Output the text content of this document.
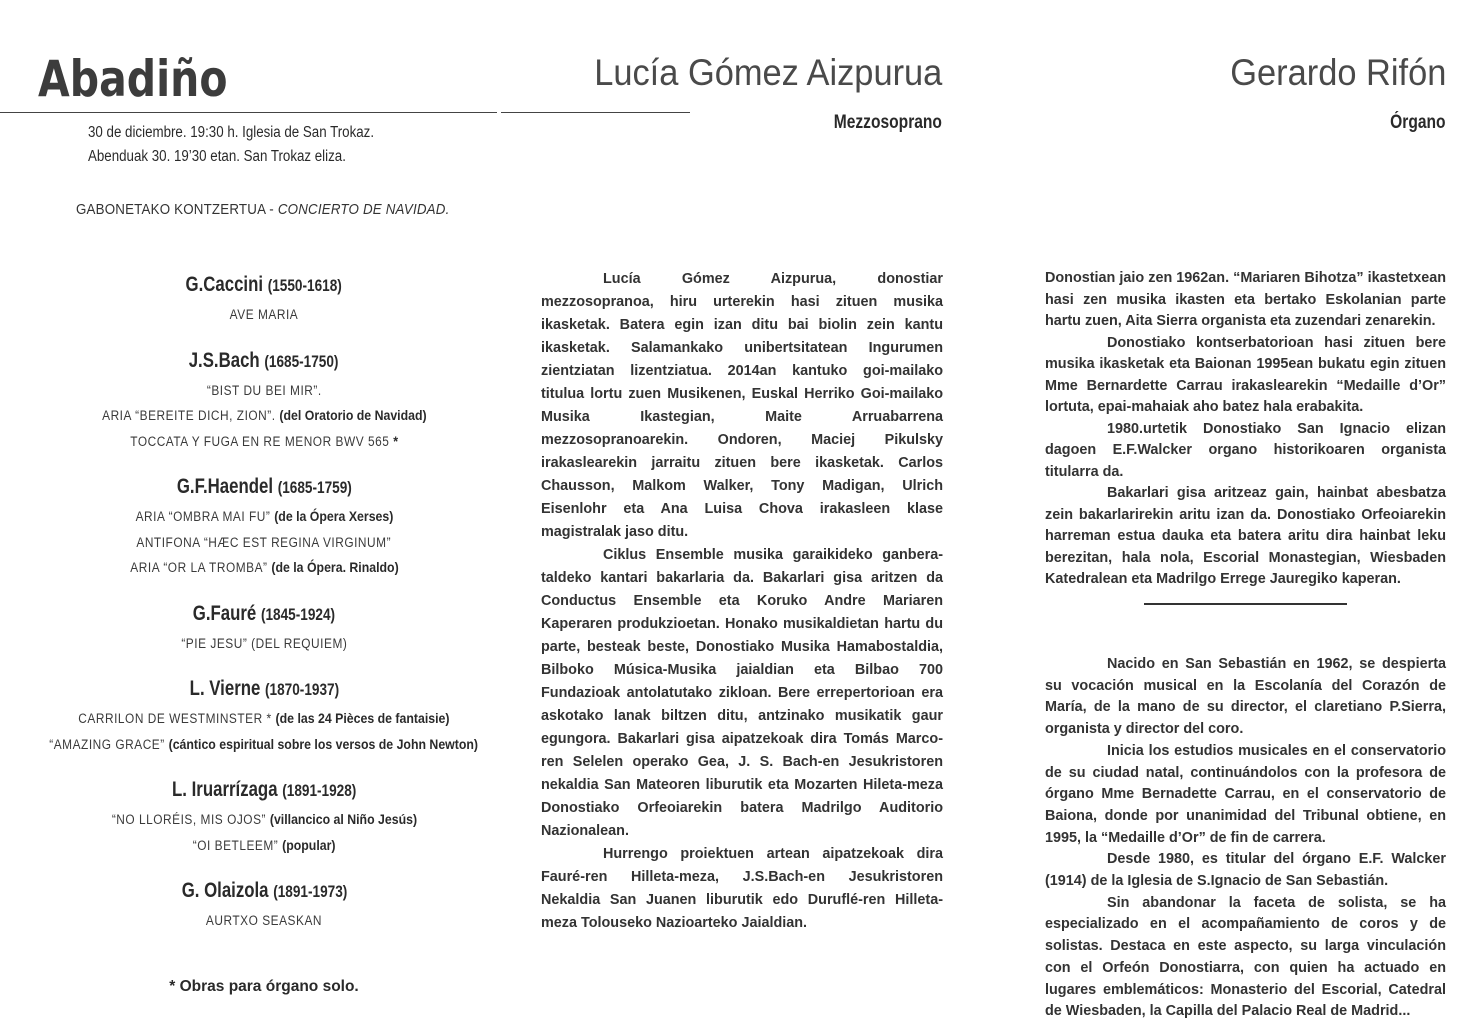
Abadiño
30 de diciembre. 19:30 h. Iglesia de San Trokaz.
Abenduak 30. 19’30 etan. San Trokaz eliza.
GABONETAKO KONTZERTUA - CONCIERTO DE NAVIDAD.
G.Caccini (1550-1618)
AVE MARIA
J.S.Bach (1685-1750)
“BIST DU BEI MIR”.
ARIA “BEREITE DICH, ZION”. (del Oratorio de Navidad)
TOCCATA Y FUGA EN RE MENOR BWV 565 *
G.F.Haendel (1685-1759)
ARIA “OMBRA MAI FU” (de la Ópera Xerses)
ANTIFONA “HÆC EST REGINA VIRGINUM”
ARIA “OR LA TROMBA” (de la Ópera. Rinaldo)
G.Fauré (1845-1924)
“PIE JESU” (DEL REQUIEM)
L. Vierne (1870-1937)
CARRILON DE WESTMINSTER * (de las 24 Pièces de fantaisie)
“AMAZING GRACE” (cántico espiritual sobre los versos de John Newton)
L. Iruarrízaga (1891-1928)
“NO LLORÉIS, MIS OJOS” (villancico al Niño Jesús)
“OI BETLEEM” (popular)
G. Olaizola (1891-1973)
AURTXO SEASKAN
* Obras para órgano solo.
Lucía Gómez Aizpurua
Mezzosoprano

Lucía Gómez Aizpurua, donostiar mezzosopranoa, hiru urterekin hasi zituen musika ikasketak. Batera egin izan ditu bai biolin zein kantu ikasketak. Salamankako unibertsitatean Ingurumen zientziatan lizentziatua. 2014an kantuko goi-mailako titulua lortu zuen Musikenen, Euskal Herriko Goi-mailako Musika Ikastegian, Maite Arruabarrena mezzosopranoarekin. Ondoren, Maciej Pikulsky irakaslearekin jarraitu zituen bere ikasketak. Carlos Chausson, Malkom Walker, Tony Madigan, Ulrich Eisenlohr eta Ana Luisa Chova irakasleen klase magistralak jaso ditu.

Ciklus Ensemble musika garaikideko ganbera-taldeko kantari bakarlaria da. Bakarlari gisa aritzen da Conductus Ensemble eta Koruko Andre Mariaren Kaperaren produkzioetan. Honako musikaldietan hartu du parte, besteak beste, Donostiako Musika Hamabostaldia, Bilboko Música-Musika jaialdian eta Bilbao 700 Fundazioak antolatutako zikloan. Bere errepertorioan era askotako lanak biltzen ditu, antzinako musikatik gaur egungora. Bakarlari gisa aipatzekoak dira Tomás Marco-ren Selelen operako Gea, J. S. Bach-en Jesukristoren nekaldia San Mateoren liburutik eta Mozarten Hileta-meza Donostiako Orfeoiarekin batera Madrilgo Auditorio Nazionalean.

Hurrengo proiektuen artean aipatzekoak dira Fauré-ren Hilleta-meza, J.S.Bach-en Jesukristoren Nekaldia San Juanen liburutik edo Duruflé-ren Hilleta-meza Tolouseko Nazioarteko Jaialdian.

Gerardo Rifón
Órgano

Donostian jaio zen 1962an. “Mariaren Bihotza” ikastetxean hasi zen musika ikasten eta bertako Eskolanian parte hartu zuen, Aita Sierra organista eta zuzendari zenarekin.

Donostiako kontserbatorioan hasi zituen bere musika ikasketak eta Baionan 1995ean bukatu egin zituen Mme Bernardette Carrau irakaslearekin “Medaille d’Or” lortuta, epai-mahaiak aho batez hala erabakita.

1980.urtetik Donostiako San Ignacio elizan dagoen E.F.Walcker organo historikoaren organista titularra da.

Bakarlari gisa aritzeaz gain, hainbat abesbatza zein bakarlarirekin aritu izan da. Donostiako Orfeoiarekin harreman estua dauka eta batera aritu dira hainbat leku berezitan, hala nola, Escorial Monastegian, Wiesbaden Katedralean eta Madrilgo Errege Jauregiko kaperan.

Nacido en San Sebastián en 1962, se despierta su vocación musical en la Escolanía del Corazón de María, de la mano de su director, el claretiano P.Sierra, organista y director del coro.

Inicia los estudios musicales en el conservatorio de su ciudad natal, continuándolos con la profesora de órgano Mme Bernadette Carrau, en el conservatorio de Baiona, donde por unanimidad del Tribunal obtiene, en 1995, la “Medaille d’Or” de fin de carrera.

Desde 1980, es titular del órgano E.F. Walcker (1914) de la Iglesia de S.Ignacio de San Sebastián.

Sin abandonar la faceta de solista, se ha especializado en el acompañamiento de coros y de solistas. Destaca en este aspecto, su larga vinculación con el Orfeón Donostiarra, con quien ha actuado en lugares emblemáticos: Monasterio del Escorial, Catedral de Wiesbaden, la Capilla del Palacio Real de Madrid...
